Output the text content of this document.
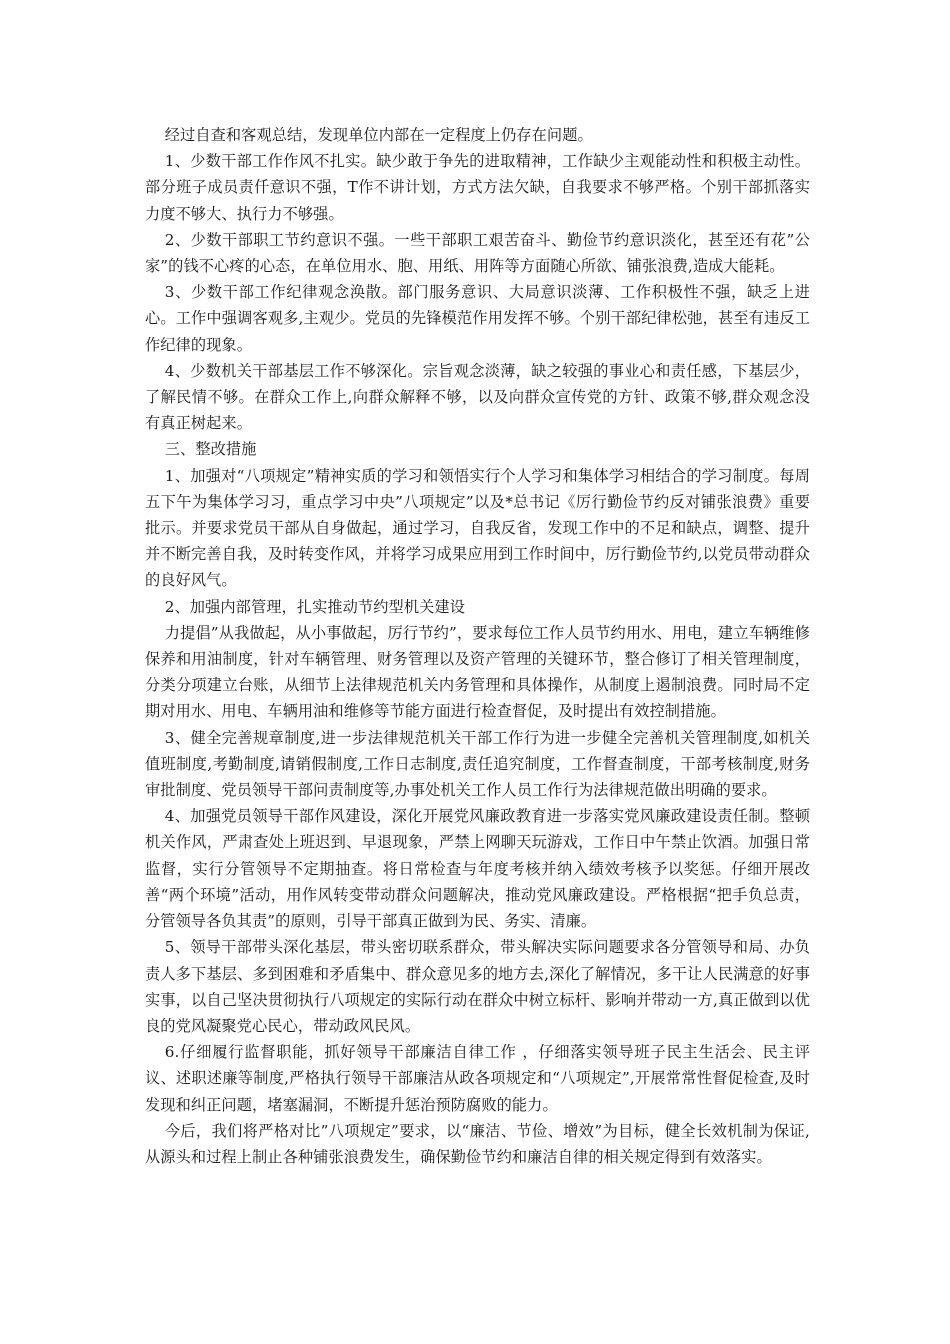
经过自查和客观总结，发现单位内部在一定程度上仍存在问题。

1、少数干部工作作风不扎实。缺少敢于争先的进取精神，工作缺少主观能动性和积极主动性。部分班子成员责仟意识不强，T作不讲计划，方式方法欠缺，自我要求不够严格。个别干部抓落实力度不够大、执行力不够强。

2、少数干部职工节约意识不强。一些干部职工艰苦奋斗、勤俭节约意识淡化，甚至还有花”公家”的钱不心疼的心态，在单位用水、胞、用纸、用阵等方面随心所欲、铺张浪费,造成大能耗。

3、少数干部工作纪律观念涣散。部门服务意识、大局意识淡薄、工作积极性不强，缺乏上进心。工作中强调客观多,主观少。党员的先锋模范作用发挥不够。个别干部纪律松弛，甚至有违反工作纪律的现象。

4、少数机关干部基层工作不够深化。宗旨观念淡薄，缺之较强的事业心和责任感，下基层少，了解民情不够。在群众工作上,向群众解释不够，以及向群众宣传党的方针、政策不够,群众观念没有真正树起来。

三、整改措施

1、加强对“八项规定”精神实质的学习和领悟实行个人学习和集体学习相结合的学习制度。每周五下午为集体学习习，重点学习中央”八项规定”以及*总书记《厉行勤俭节约反对铺张浪费》重要批示。并要求党员干部从自身做起，通过学习，自我反省，发现工作中的不足和缺点，调整、提升并不断完善自我，及时转变作风，并将学习成果应用到工作时间中，厉行勤俭节约,以党员带动群众的良好风气。

2、加强内部管理，扎实推动节约型机关建设

力提倡”从我做起，从小事做起，厉行节约”，要求每位工作人员节约用水、用电，建立车辆维修保养和用油制度，针对车辆管理、财务管理以及资产管理的关键环节，整合修订了相关管理制度，分类分项建立台账，从细节上法律规范机关内务管理和具体操作，从制度上遏制浪费。同时局不定期对用水、用电、车辆用油和维修等节能方面进行检查督促，及时提出有效控制措施。

3、健全完善规章制度,进一步法律规范机关干部工作行为进一步健全完善机关管理制度,如机关值班制度,考勤制度,请销假制度,工作日志制度,责任追究制度，工作督查制度，干部考核制度,财务审批制度、党员领导干部问责制度等,办事处机关工作人员工作行为法律规范做出明确的要求。

4、加强党员领导干部作风建设，深化开展党风廉政教育进一步落实党风廉政建设责任制。整顿机关作风，严肃查处上班迟到、早退现象，严禁上网聊天玩游戏，工作日中午禁止饮酒。加强日常监督，实行分管领导不定期抽查。将日常检查与年度考核并纳入绩效考核予以奖惩。仔细开展改善“两个环境”活动，用作风转变带动群众问题解决，推动党风廉政建设。严格根据“把手负总责，分管领导各负其责”的原则，引导干部真正做到为民、务实、清廉。

5、领导干部带头深化基层，带头密切联系群众，带头解决实际问题要求各分管领导和局、办负责人多下基层、多到困难和矛盾集中、群众意见多的地方去,深化了解情况，多干让人民满意的好事实事，以自己坚决贯彻执行八项规定的实际行动在群众中树立标杆、影响并带动一方,真正做到以优良的党风凝聚党心民心，带动政风民风。

6.仔细履行监督职能，抓好领导干部廉洁自律工作 ，仔细落实领导班子民主生活会、民主评议、述职述廉等制度,严格执行领导干部廉洁从政各项规定和“八项规定”,开展常常性督促检查,及时发现和纠正问题，堵塞漏洞，不断提升惩治预防腐败的能力。

今后，我们将严格对比”八项规定”要求，以“廉洁、节俭、增效”为目标，健全长效机制为保证,从源头和过程上制止各种铺张浪费发生，确保勤俭节约和廉洁自律的相关规定得到有效落实。
